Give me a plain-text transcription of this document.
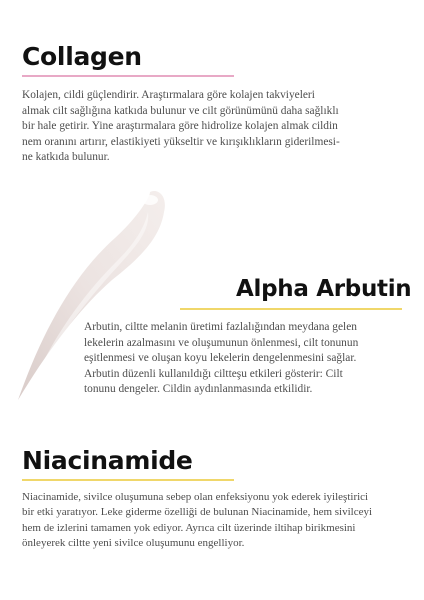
Collagen

Kolajen, cildi güçlendirir. Araştırmalara göre kolajen takviyeleri
almak cilt sağlığına katkıda bulunur ve cilt görünümünü daha sağlıklı
bir hale getirir. Yine araştırmalara göre hidrolize kolajen almak cildin
nem oranını artırır, elastikiyeti yükseltir ve kırışıklıkların giderilmesi-
ne katkıda bulunur.

Alpha Arbutin

Arbutin, ciltte melanin üretimi fazlalığından meydana gelen
lekelerin azalmasını ve oluşumunun önlenmesi, cilt tonunun
eşitlenmesi ve oluşan koyu lekelerin dengelenmesini sağlar.
Arbutin düzenli kullanıldığı ciltteşu etkileri gösterir: Cilt
tonunu dengeler. Cildin aydınlanmasında etkilidir.

Niacinamide

Niacinamide, sivilce oluşumuna sebep olan enfeksiyonu yok ederek iyileştirici
bir etki yaratıyor. Leke giderme özelliği de bulunan Niacinamide, hem sivilceyi
hem de izlerini tamamen yok ediyor. Ayrıca cilt üzerinde iltihap birikmesini
önleyerek ciltte yeni sivilce oluşumunu engelliyor.
